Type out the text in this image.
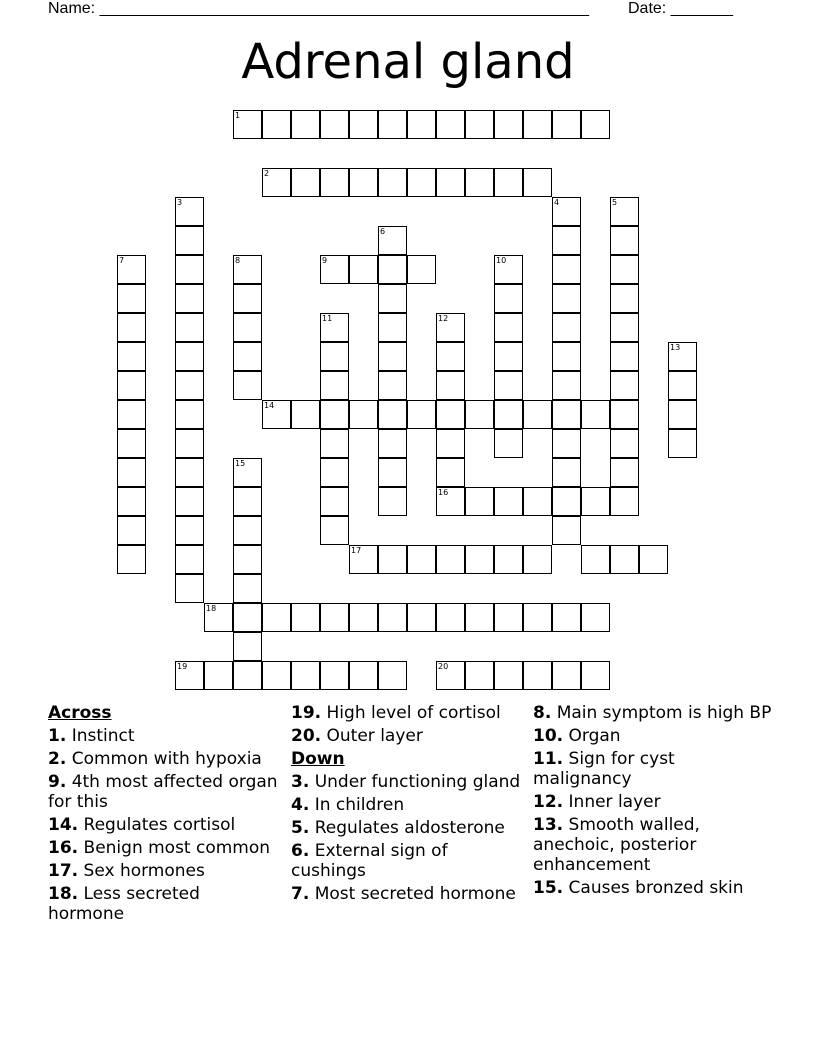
Name: _______________________________________________________ Date: _______
Adrenal gland
1
2
3	4	5
6
7	8	9	10
11	12
13
14
15
16
17
18
19	20
Across
1. Instinct
2. Common with hypoxia
9. 4th most affected organ for this
14. Regulates cortisol
16. Benign most common
17. Sex hormones
18. Less secreted hormone
19. High level of cortisol
20. Outer layer
Down
3. Under functioning gland
4. In children
5. Regulates aldosterone
6. External sign of cushings
7. Most secreted hormone
8. Main symptom is high BP
10. Organ
11. Sign for cyst malignancy
12. Inner layer
13. Smooth walled, anechoic, posterior enhancement
15. Causes bronzed skin
